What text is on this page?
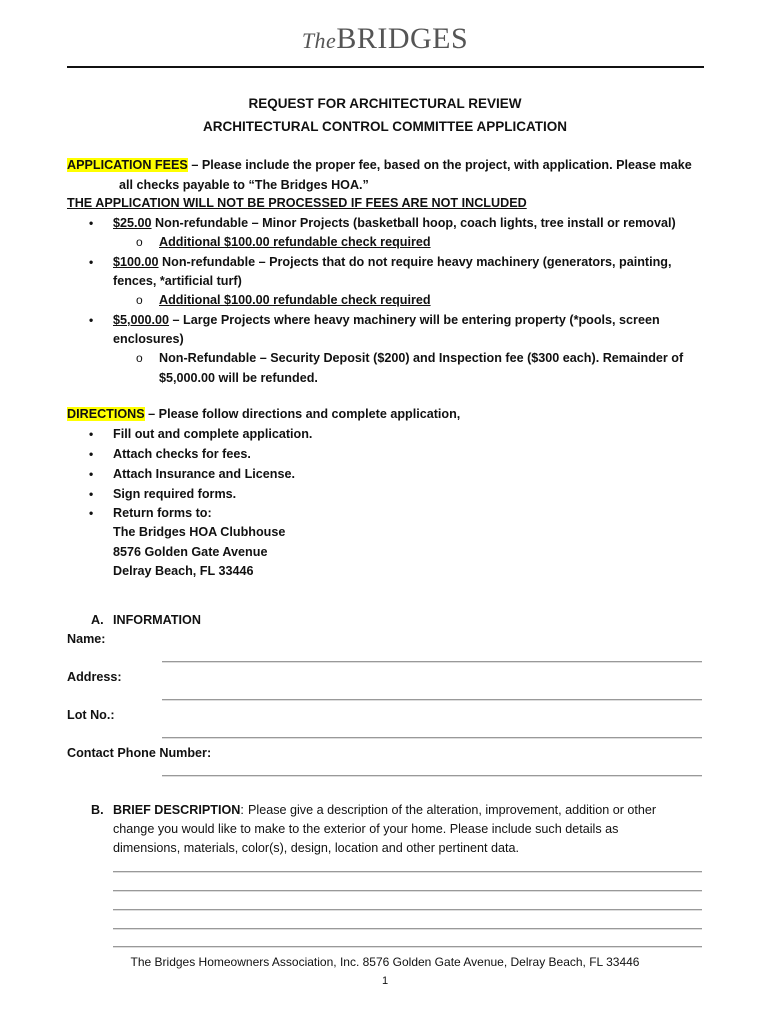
TheBRIDGES
REQUEST FOR ARCHITECTURAL REVIEW
ARCHITECTURAL CONTROL COMMITTEE APPLICATION
APPLICATION FEES – Please include the proper fee, based on the project, with application. Please make
all checks payable to “The Bridges HOA.”
THE APPLICATION WILL NOT BE PROCESSED IF FEES ARE NOT INCLUDED
• $25.00 Non-refundable – Minor Projects (basketball hoop, coach lights, tree install or removal)
o Additional $100.00 refundable check required
• $100.00 Non-refundable – Projects that do not require heavy machinery (generators, painting,
fences, *artificial turf)
o Additional $100.00 refundable check required
• $5,000.00 – Large Projects where heavy machinery will be entering property (*pools, screen
enclosures)
o Non-Refundable – Security Deposit ($200) and Inspection fee ($300 each). Remainder of
$5,000.00 will be refunded.
DIRECTIONS – Please follow directions and complete application,
• Fill out and complete application.
• Attach checks for fees.
• Attach Insurance and License.
• Sign required forms.
• Return forms to:
The Bridges HOA Clubhouse
8576 Golden Gate Avenue
Delray Beach, FL 33446
A. INFORMATION
Name:
Address:
Lot No.:
Contact Phone Number:
B. BRIEF DESCRIPTION: Please give a description of the alteration, improvement, addition or other
change you would like to make to the exterior of your home. Please include such details as
dimensions, materials, color(s), design, location and other pertinent data.
The Bridges Homeowners Association, Inc. 8576 Golden Gate Avenue, Delray Beach, FL 33446
1
